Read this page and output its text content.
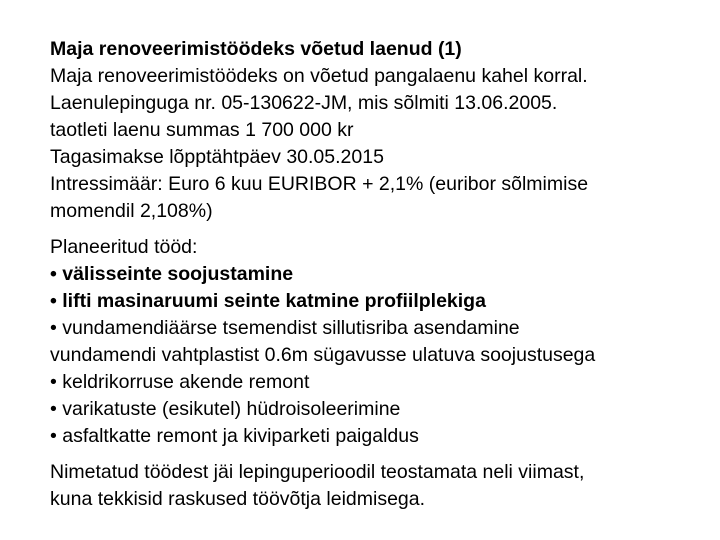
Maja renoveerimistöödeks võetud laenud (1)
Maja renoveerimistöödeks on võetud pangalaenu kahel korral.
Laenulepinguga nr. 05-130622-JM, mis sõlmiti 13.06.2005.
taotleti laenu summas 1 700 000 kr
Tagasimakse lõpptähtpäev 30.05.2015
Intressimäär: Euro 6 kuu EURIBOR + 2,1% (euribor sõlmimise
momendil 2,108%)
Planeeritud tööd:
• välisseinte soojustamine
• lifti masinaruumi seinte katmine profiilplekiga
• vundamendiäärse tsemendist sillutisriba asendamine
vundamendi vahtplastist 0.6m sügavusse ulatuva soojustusega
• keldrikorruse akende remont
• varikatuste (esikutel) hüdroisoleerimine
• asfaltkatte remont ja kiviparketi paigaldus
Nimetatud töödest jäi lepinguperioodil teostamata neli viimast,
kuna tekkisid raskused töövõtja leidmisega.
